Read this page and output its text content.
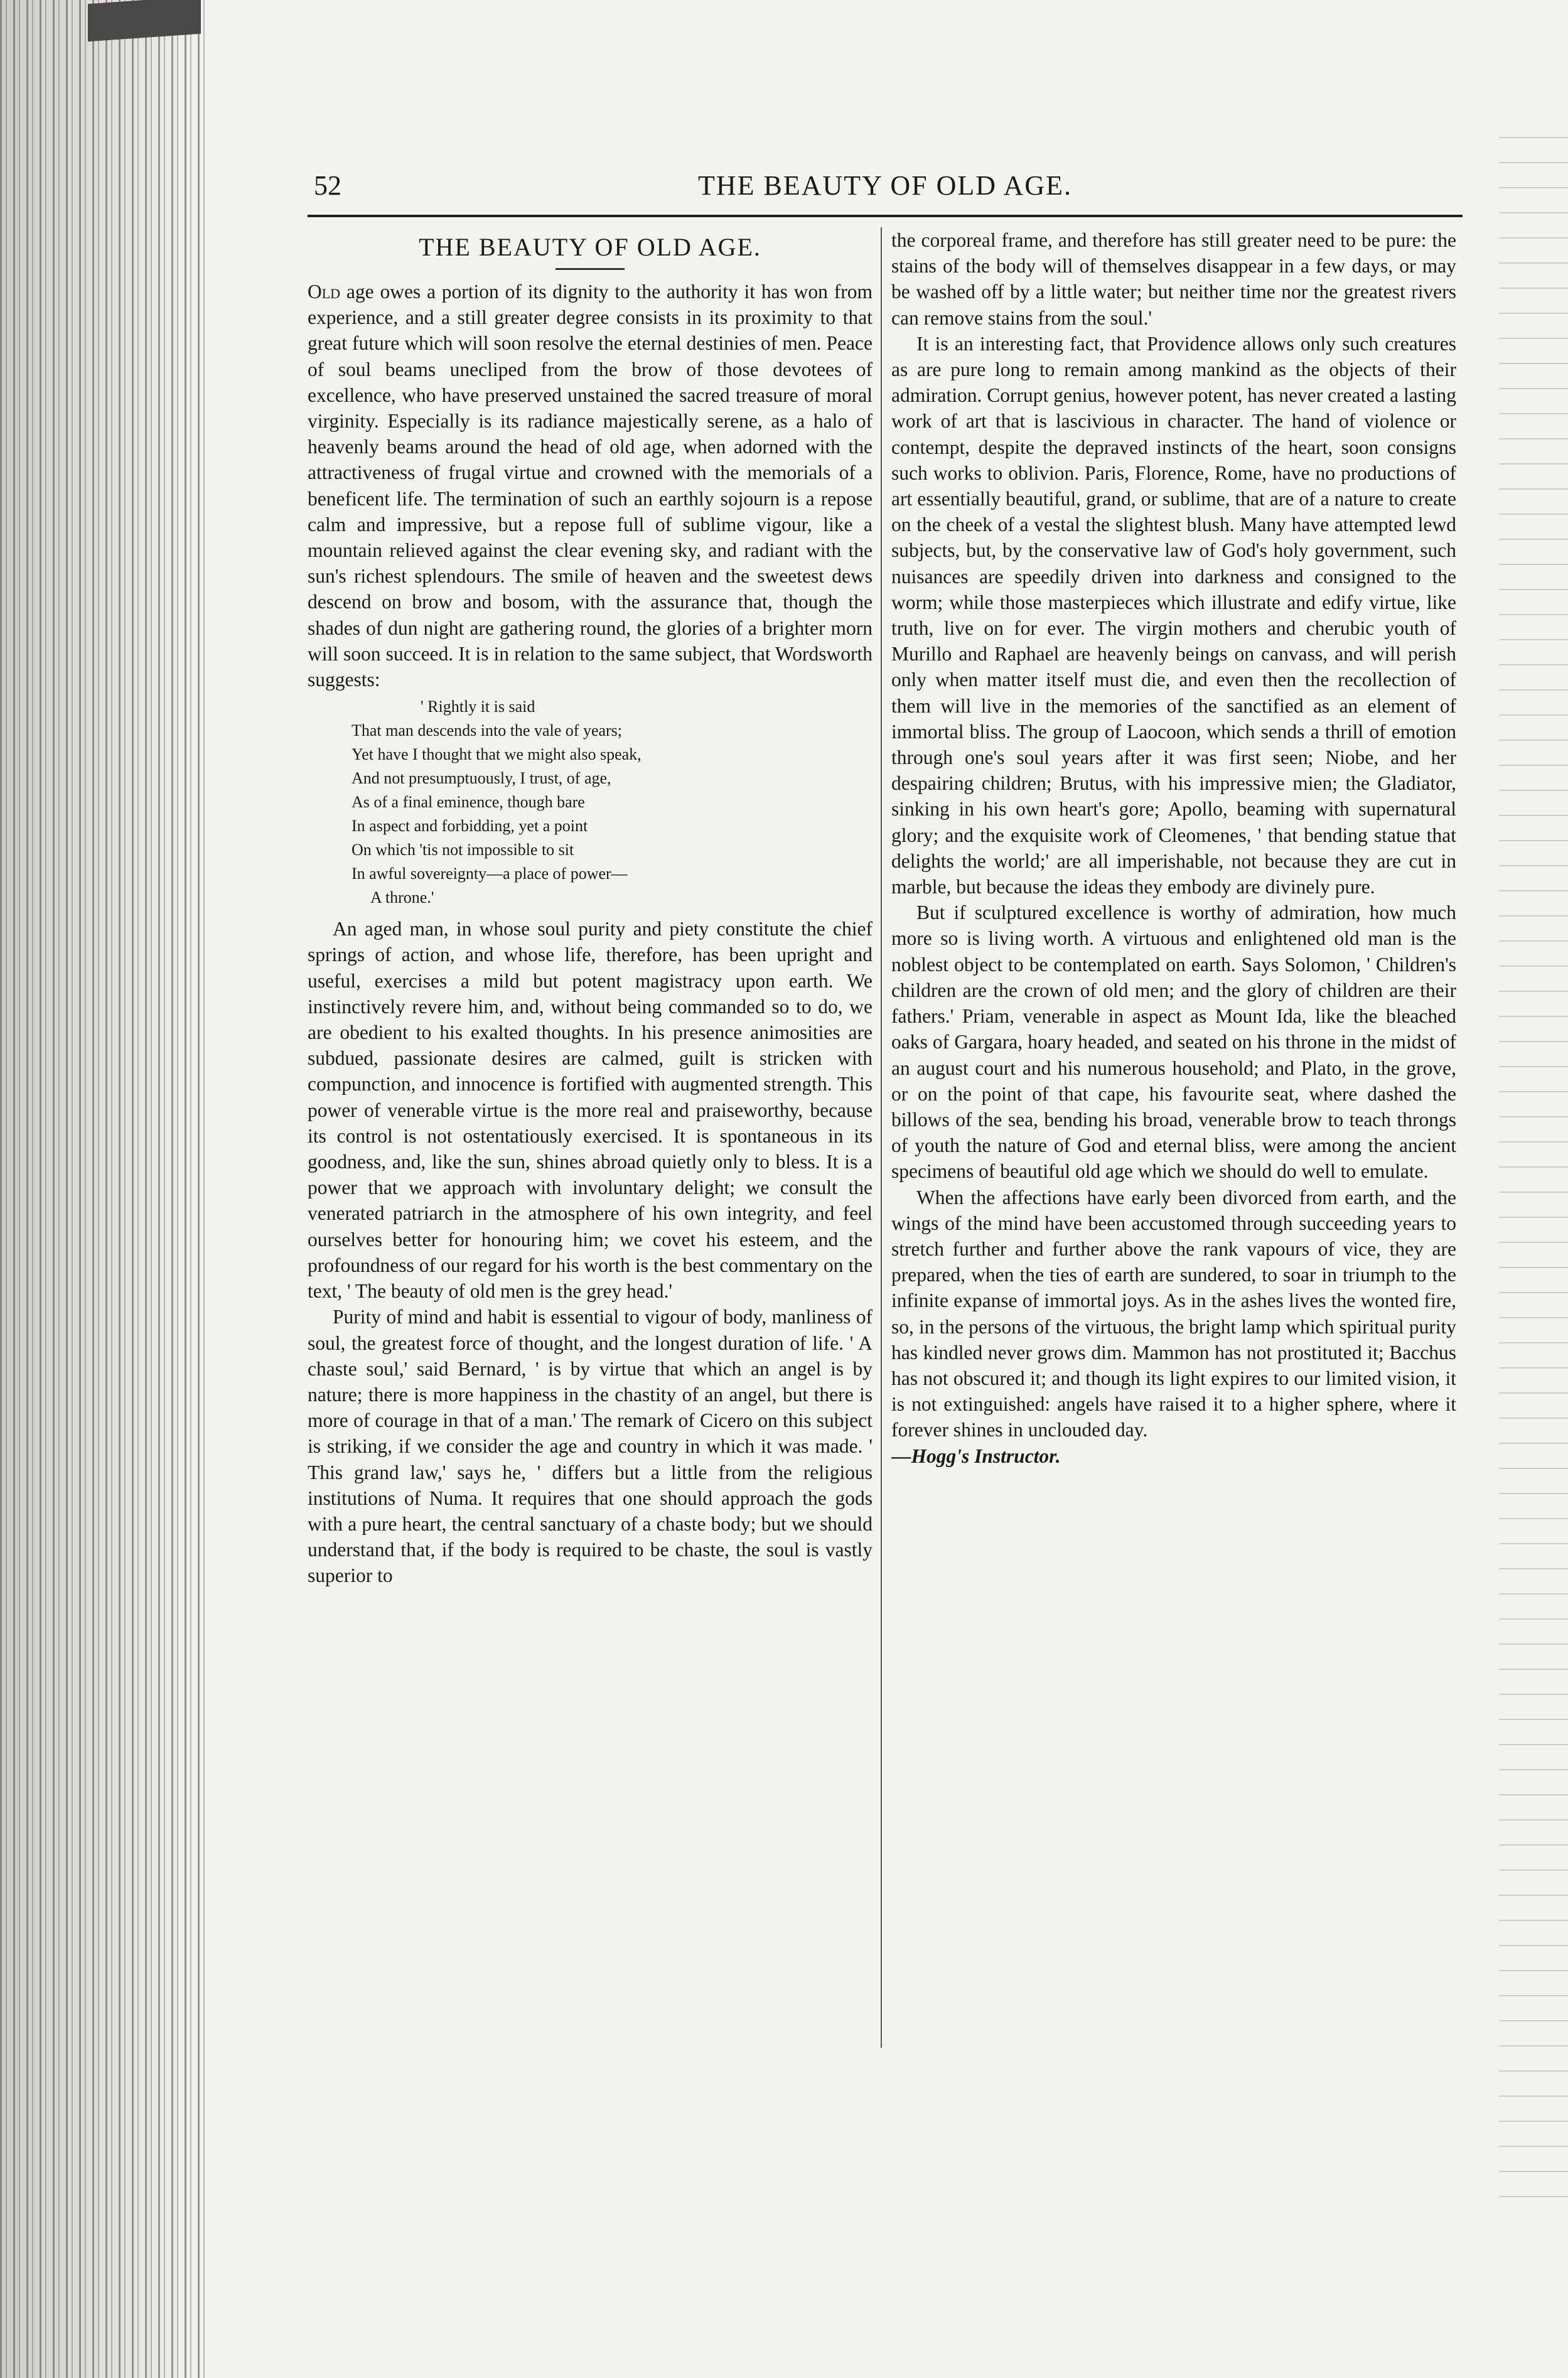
52	THE BEAUTY OF OLD AGE.
THE BEAUTY OF OLD AGE.

Old age owes a portion of its dignity to the authority it has won from experience, and a still greater degree consists in its proximity to that great future which will soon resolve the eternal destinies of men. Peace of soul beams unecliped from the brow of those devotees of excellence, who have preserved unstained the sacred treasure of moral virginity. Especially is its radiance majestically serene, as a halo of heavenly beams around the head of old age, when adorned with the attractiveness of frugal virtue and crowned with the memorials of a beneficent life. The termination of such an earthly sojourn is a repose calm and impressive, but a repose full of sublime vigour, like a mountain relieved against the clear evening sky, and radiant with the sun's richest splendours. The smile of heaven and the sweetest dews descend on brow and bosom, with the assurance that, though the shades of dun night are gathering round, the glories of a brighter morn will soon succeed. It is in relation to the same subject, that Wordsworth suggests:

' Rightly it is said
That man descends into the vale of years;
Yet have I thought that we might also speak,
And not presumptuously, I trust, of age,
As of a final eminence, though bare
In aspect and forbidding, yet a point
On which 'tis not impossible to sit
In awful sovereignty—a place of power—
A throne.'

An aged man, in whose soul purity and piety constitute the chief springs of action, and whose life, therefore, has been upright and useful, exercises a mild but potent magistracy upon earth. We instinctively revere him, and, without being commanded so to do, we are obedient to his exalted thoughts. In his presence animosities are subdued, passionate desires are calmed, guilt is stricken with compunction, and innocence is fortified with augmented strength. This power of venerable virtue is the more real and praiseworthy, because its control is not ostentatiously exercised. It is spontaneous in its goodness, and, like the sun, shines abroad quietly only to bless. It is a power that we approach with involuntary delight; we consult the venerated patriarch in the atmosphere of his own integrity, and feel ourselves better for honouring him; we covet his esteem, and the profoundness of our regard for his worth is the best commentary on the text, ' The beauty of old men is the grey head.'

Purity of mind and habit is essential to vigour of body, manliness of soul, the greatest force of thought, and the longest duration of life. ' A chaste soul,' said Bernard, ' is by virtue that which an angel is by nature; there is more happiness in the chastity of an angel, but there is more of courage in that of a man.' The remark of Cicero on this subject is striking, if we consider the age and country in which it was made. ' This grand law,' says he, ' differs but a little from the religious institutions of Numa. It requires that one should approach the gods with a pure heart, the central sanctuary of a chaste body; but we should understand that, if the body is required to be chaste, the soul is vastly superior to

the corporeal frame, and therefore has still greater need to be pure: the stains of the body will of themselves disappear in a few days, or may be washed off by a little water; but neither time nor the greatest rivers can remove stains from the soul.'

It is an interesting fact, that Providence allows only such creatures as are pure long to remain among mankind as the objects of their admiration. Corrupt genius, however potent, has never created a lasting work of art that is lascivious in character. The hand of violence or contempt, despite the depraved instincts of the heart, soon consigns such works to oblivion. Paris, Florence, Rome, have no productions of art essentially beautiful, grand, or sublime, that are of a nature to create on the cheek of a vestal the slightest blush. Many have attempted lewd subjects, but, by the conservative law of God's holy government, such nuisances are speedily driven into darkness and consigned to the worm; while those masterpieces which illustrate and edify virtue, like truth, live on for ever. The virgin mothers and cherubic youth of Murillo and Raphael are heavenly beings on canvass, and will perish only when matter itself must die, and even then the recollection of them will live in the memories of the sanctified as an element of immortal bliss. The group of Laocoon, which sends a thrill of emotion through one's soul years after it was first seen; Niobe, and her despairing children; Brutus, with his impressive mien; the Gladiator, sinking in his own heart's gore; Apollo, beaming with supernatural glory; and the exquisite work of Cleomenes, ' that bending statue that delights the world;' are all imperishable, not because they are cut in marble, but because the ideas they embody are divinely pure.

But if sculptured excellence is worthy of admiration, how much more so is living worth. A virtuous and enlightened old man is the noblest object to be contemplated on earth. Says Solomon, ' Children's children are the crown of old men; and the glory of children are their fathers.' Priam, venerable in aspect as Mount Ida, like the bleached oaks of Gargara, hoary headed, and seated on his throne in the midst of an august court and his numerous household; and Plato, in the grove, or on the point of that cape, his favourite seat, where dashed the billows of the sea, bending his broad, venerable brow to teach throngs of youth the nature of God and eternal bliss, were among the ancient specimens of beautiful old age which we should do well to emulate.

When the affections have early been divorced from earth, and the wings of the mind have been accustomed through succeeding years to stretch further and further above the rank vapours of vice, they are prepared, when the ties of earth are sundered, to soar in triumph to the infinite expanse of immortal joys. As in the ashes lives the wonted fire, so, in the persons of the virtuous, the bright lamp which spiritual purity has kindled never grows dim. Mammon has not prostituted it; Bacchus has not obscured it; and though its light expires to our limited vision, it is not extinguished: angels have raised it to a higher sphere, where it forever shines in unclouded day.

—Hogg's Instructor.
